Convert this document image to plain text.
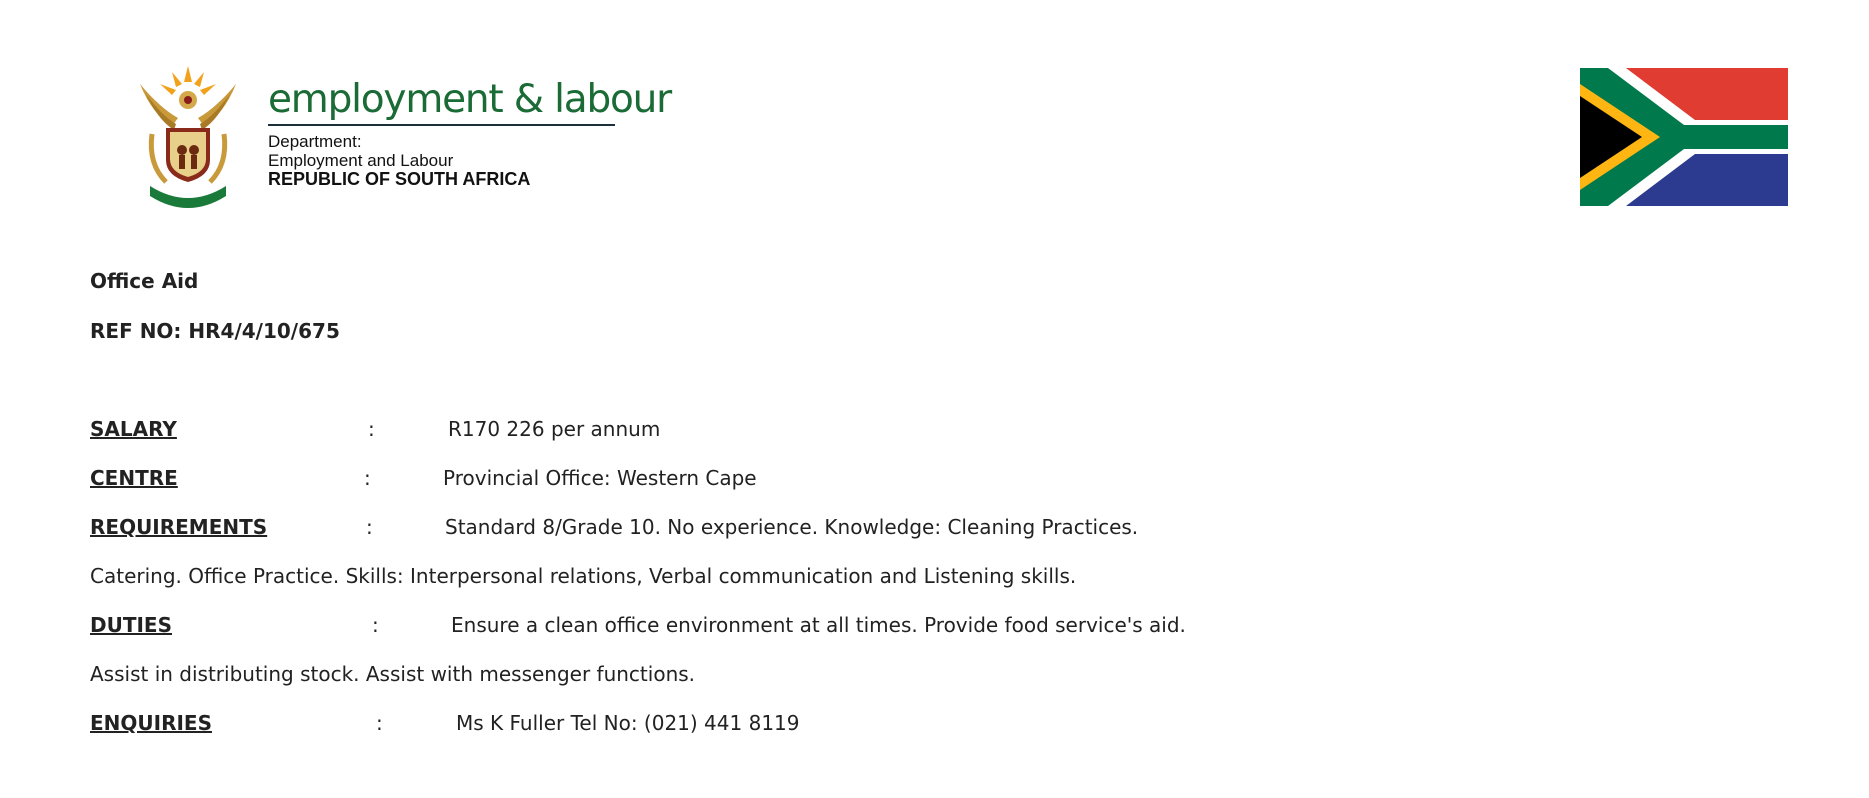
employment & labour
Department:
Employment and Labour
REPUBLIC OF SOUTH AFRICA
Office Aid
REF NO: HR4/4/10/675
SALARY	:	R170 226 per annum
CENTRE	:	Provincial Office: Western Cape
REQUIREMENTS	:	Standard 8/Grade 10. No experience. Knowledge: Cleaning Practices.
Catering. Office Practice. Skills: Interpersonal relations, Verbal communication and Listening skills.
DUTIES	:	Ensure a clean office environment at all times. Provide food service's aid.
Assist in distributing stock. Assist with messenger functions.
ENQUIRIES	:	Ms K Fuller Tel No: (021) 441 8119
